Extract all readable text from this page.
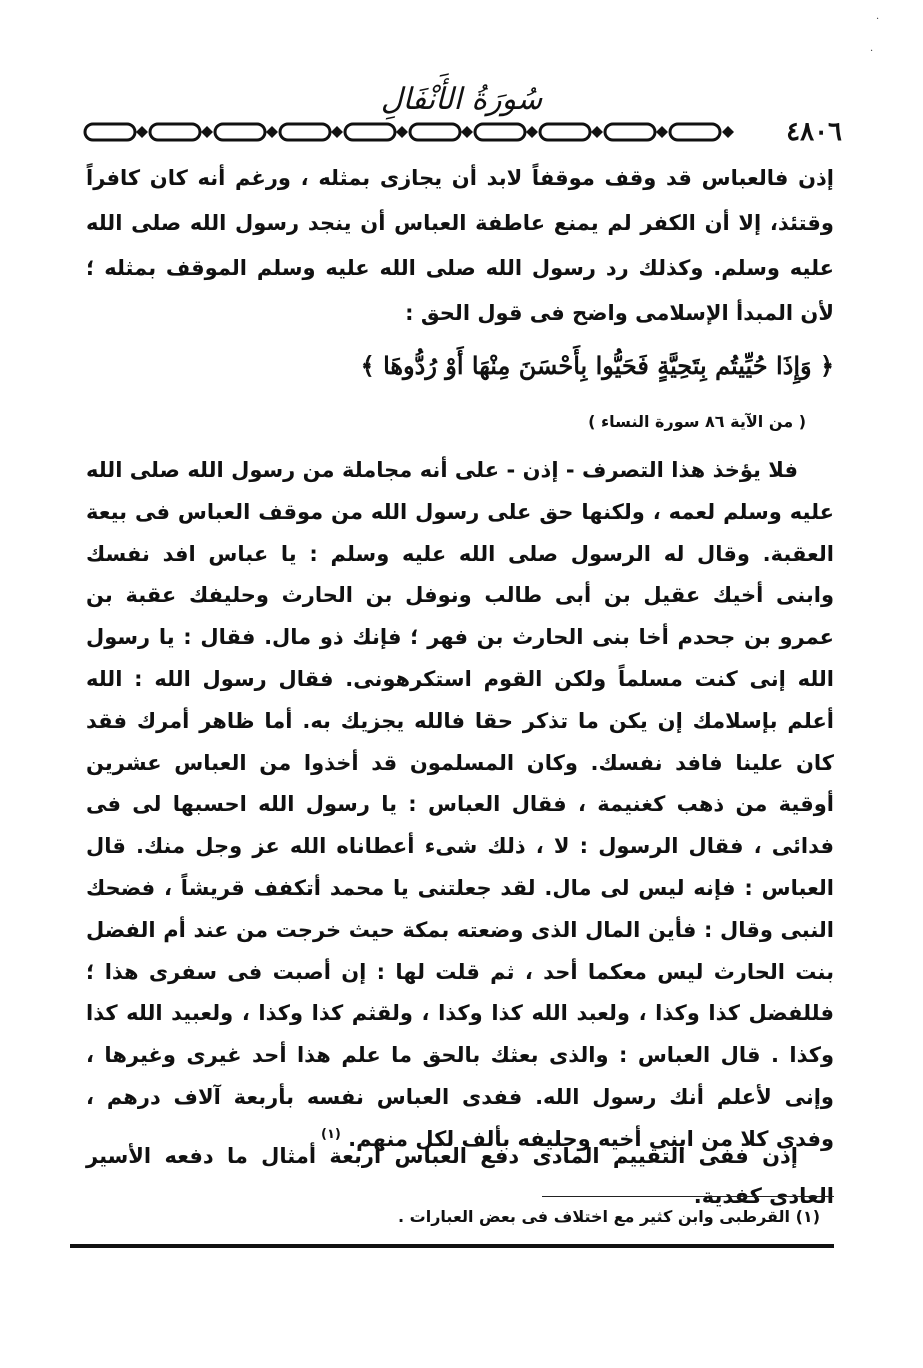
·
·
سُورَةُ الأَنْفَالِ
٤٨٠٦
إذن فالعباس قد وقف موقفاً لابد أن يجازى بمثله ، ورغم أنه كان كافراً وقتئذ، إلا أن الكفر لم يمنع عاطفة العباس أن ينجد رسول الله صلى الله عليه وسلم. وكذلك رد رسول الله صلى الله عليه وسلم الموقف بمثله ؛ لأن المبدأ الإسلامى واضح فى قول الحق :
﴿ وَإِذَا حُيِّيتُم بِتَحِيَّةٍ فَحَيُّوا بِأَحْسَنَ مِنْهَا أَوْ رُدُّوهَا ﴾
( من الآية ٨٦ سورة النساء )
فلا يؤخذ هذا التصرف - إذن - على أنه مجاملة من رسول الله صلى الله عليه وسلم لعمه ، ولكنها حق على رسول الله من موقف العباس فى بيعة العقبة. وقال له الرسول صلى الله عليه وسلم : يا عباس افد نفسك وابنى أخيك عقيل بن أبى طالب ونوفل بن الحارث وحليفك عقبة بن عمرو بن جحدم أخا بنى الحارث بن فهر ؛ فإنك ذو مال. فقال : يا رسول الله إنى كنت مسلماً ولكن القوم استكرهونى. فقال رسول الله : الله أعلم بإسلامك إن يكن ما تذكر حقا فالله يجزيك به. أما ظاهر أمرك فقد كان علينا فافد نفسك. وكان المسلمون قد أخذوا من العباس عشرين أوقية من ذهب كغنيمة ، فقال العباس : يا رسول الله احسبها لى فى فدائى ، فقال الرسول : لا ، ذلك شىء أعطاناه الله عز وجل منك. قال العباس : فإنه ليس لى مال. لقد جعلتنى يا محمد أتكفف قريشاً ، فضحك النبى وقال : فأين المال الذى وضعته بمكة حيث خرجت من عند أم الفضل بنت الحارث ليس معكما أحد ، ثم قلت لها : إن أصبت فى سفرى هذا ؛ فللفضل كذا وكذا ، ولعبد الله كذا وكذا ، ولقثم كذا وكذا ، ولعبيد الله كذا وكذا . قال العباس : والذى بعثك بالحق ما علم هذا أحد غيرى وغيرها ، وإنى لأعلم أنك رسول الله. ففدى العباس نفسه بأربعة آلاف درهم ، وفدى كلا من ابنى أخيه وحليفه بألف لكل منهم. $^{(١)}$
إذن ففى التقييم المادى دفع العباس أربعة أمثال ما دفعه الأسير العادى كفدية.
(١) القرطبى وابن كثير مع اختلاف فى بعض العبارات .
